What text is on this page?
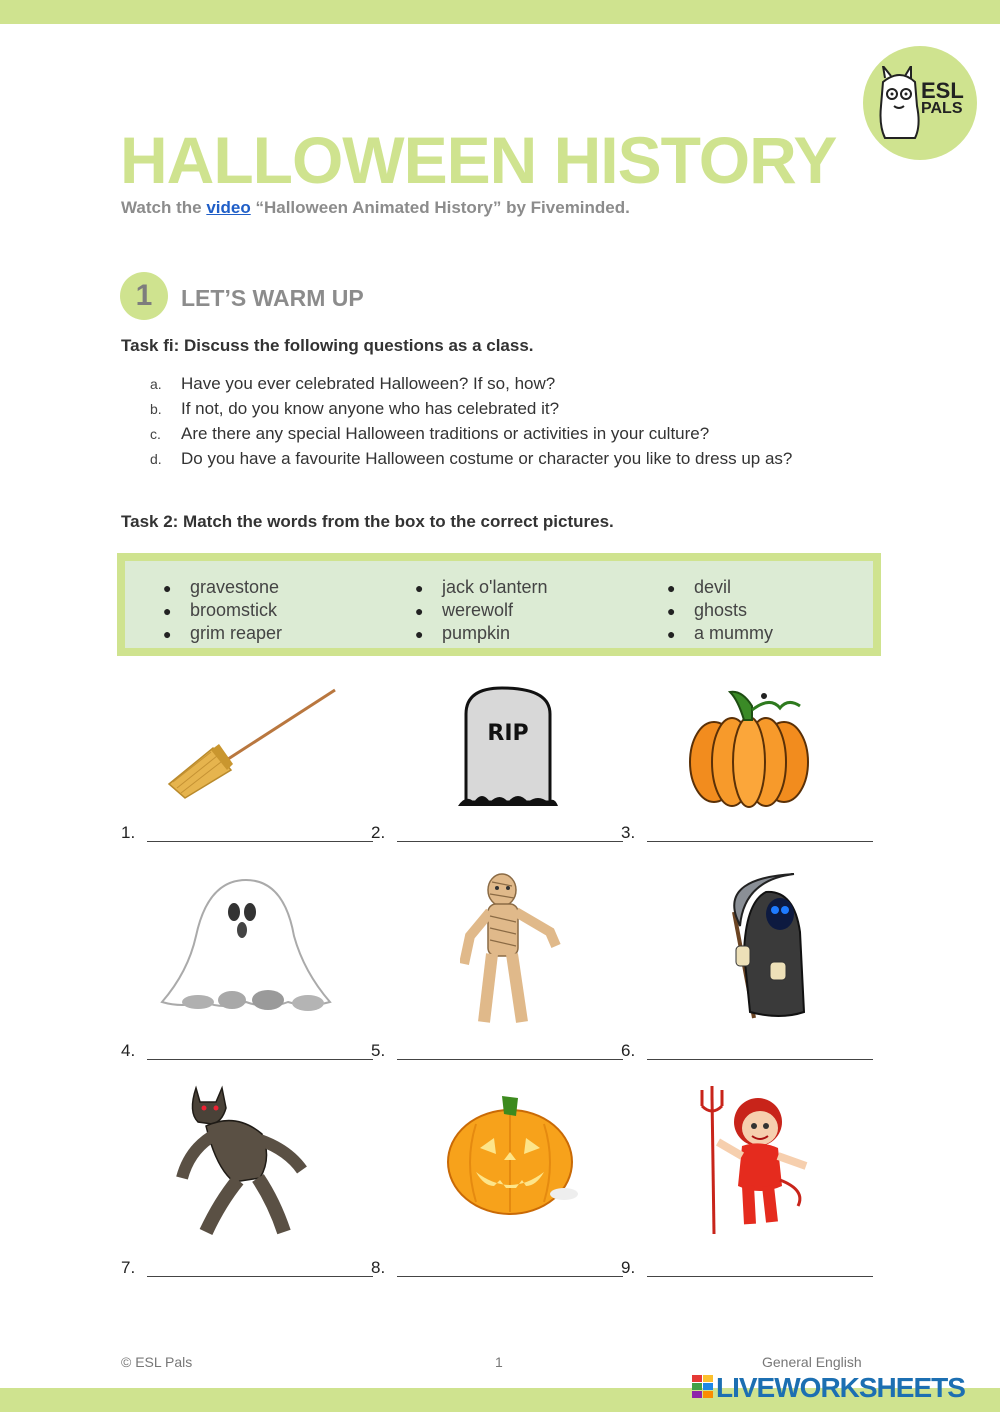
ESL
PALS
HALLOWEEN HISTORY
Watch the video “Halloween Animated History” by Fiveminded.
1	LET’S WARM UP
Task fi: Discuss the following questions as a class.
a. Have you ever celebrated Halloween? If so, how?
b. If not, do you know anyone who has celebrated it?
c. Are there any special Halloween traditions or activities in your culture?
d. Do you have a favourite Halloween costume or character you like to dress up as?
Task 2: Match the words from the box to the correct pictures.
● gravestone
● broomstick
● grim reaper
● jack o'lantern
● werewolf
● pumpkin
● devil
● ghosts
● a mummy
RIP
1.	2.	3.
4.	5.	6.
7.	8.	9.
© ESL Pals	1	General English
LIVEWORKSHEETS
